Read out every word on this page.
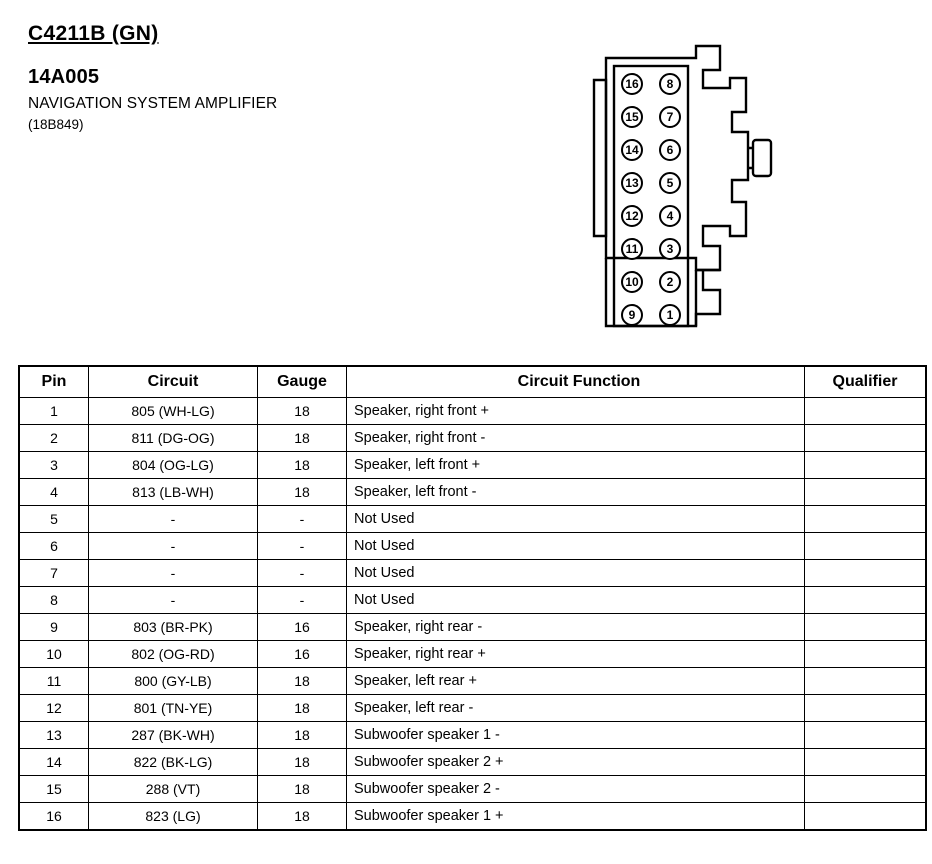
C4211B (GN)
14A005
NAVIGATION SYSTEM AMPLIFIER
(18B849)
16
15
14
13
12
11
10
9
8
7
6
5
4
3
2
1
Pin	Circuit	Gauge	Circuit Function	Qualifier
1	805 (WH-LG)	18	Speaker, right front +	
2	811 (DG-OG)	18	Speaker, right front -	
3	804 (OG-LG)	18	Speaker, left front +	
4	813 (LB-WH)	18	Speaker, left front -	
5	-	-	Not Used	
6	-	-	Not Used	
7	-	-	Not Used	
8	-	-	Not Used	
9	803 (BR-PK)	16	Speaker, right rear -	
10	802 (OG-RD)	16	Speaker, right rear +	
11	800 (GY-LB)	18	Speaker, left rear +	
12	801 (TN-YE)	18	Speaker, left rear -	
13	287 (BK-WH)	18	Subwoofer speaker 1 -	
14	822 (BK-LG)	18	Subwoofer speaker 2 +	
15	288 (VT)	18	Subwoofer speaker 2 -	
16	823 (LG)	18	Subwoofer speaker 1 +	
